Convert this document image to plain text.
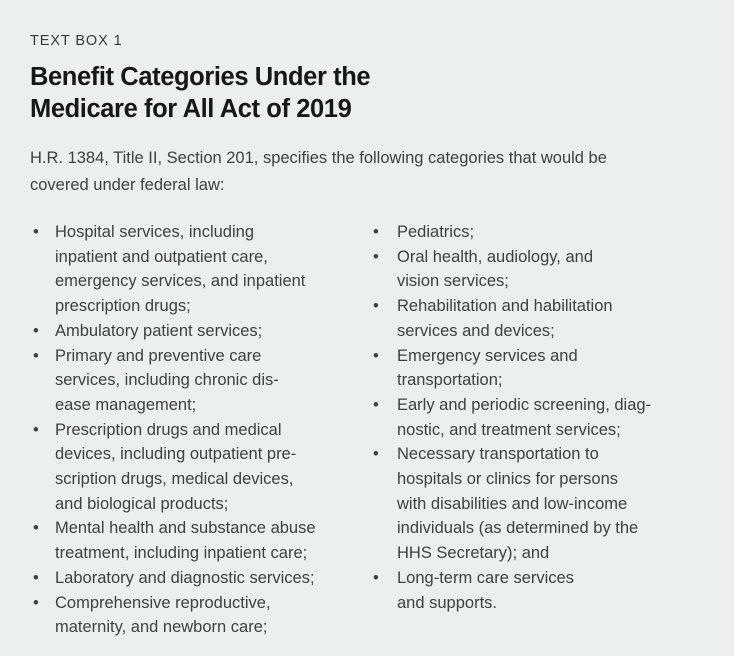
TEXT BOX 1
Benefit Categories Under the
Medicare for All Act of 2019

H.R. 1384, Title II, Section 201, specifies the following categories that would be
covered under federal law:

• Hospital services, including
inpatient and outpatient care,
emergency services, and inpatient
prescription drugs;
• Ambulatory patient services;
• Primary and preventive care
services, including chronic dis-
ease management;
• Prescription drugs and medical
devices, including outpatient pre-
scription drugs, medical devices,
and biological products;
• Mental health and substance abuse
treatment, including inpatient care;
• Laboratory and diagnostic services;
• Comprehensive reproductive,
maternity, and newborn care;
•	Pediatrics;
•	Oral health, audiology, and
vision services;
•	Rehabilitation and habilitation
services and devices;
•	Emergency services and
transportation;
•	Early and periodic screening, diag-
nostic, and treatment services;
•	Necessary transportation to
hospitals or clinics for persons
with disabilities and low-income
individuals (as determined by the
HHS Secretary); and
•	Long-term care services
and supports.
